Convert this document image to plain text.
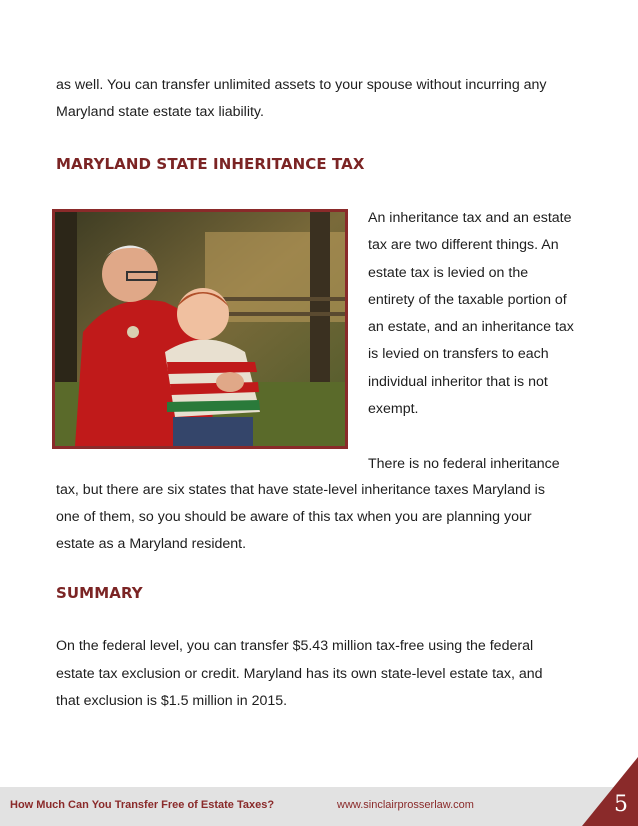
as well. You can transfer unlimited assets to your spouse without incurring any

Maryland state estate tax liability.

MARYLAND STATE INHERITANCE TAX
An inheritance tax and an estate
tax are two different things. An
estate tax is levied on the
entirety of the taxable portion of
an estate, and an inheritance tax
is levied on transfers to each
individual inheritor that is not
exempt.
There is no federal inheritance

tax, but there are six states that have state-level inheritance taxes Maryland is

one of them, so you should be aware of this tax when you are planning your

estate as a Maryland resident.

SUMMARY

On the federal level, you can transfer $5.43 million tax-free using the federal

estate tax exclusion or credit. Maryland has its own state-level estate tax, and

that exclusion is $1.5 million in 2015.

How Much Can You Transfer Free of Estate Taxes?	www.sinclairprosserlaw.com	5
